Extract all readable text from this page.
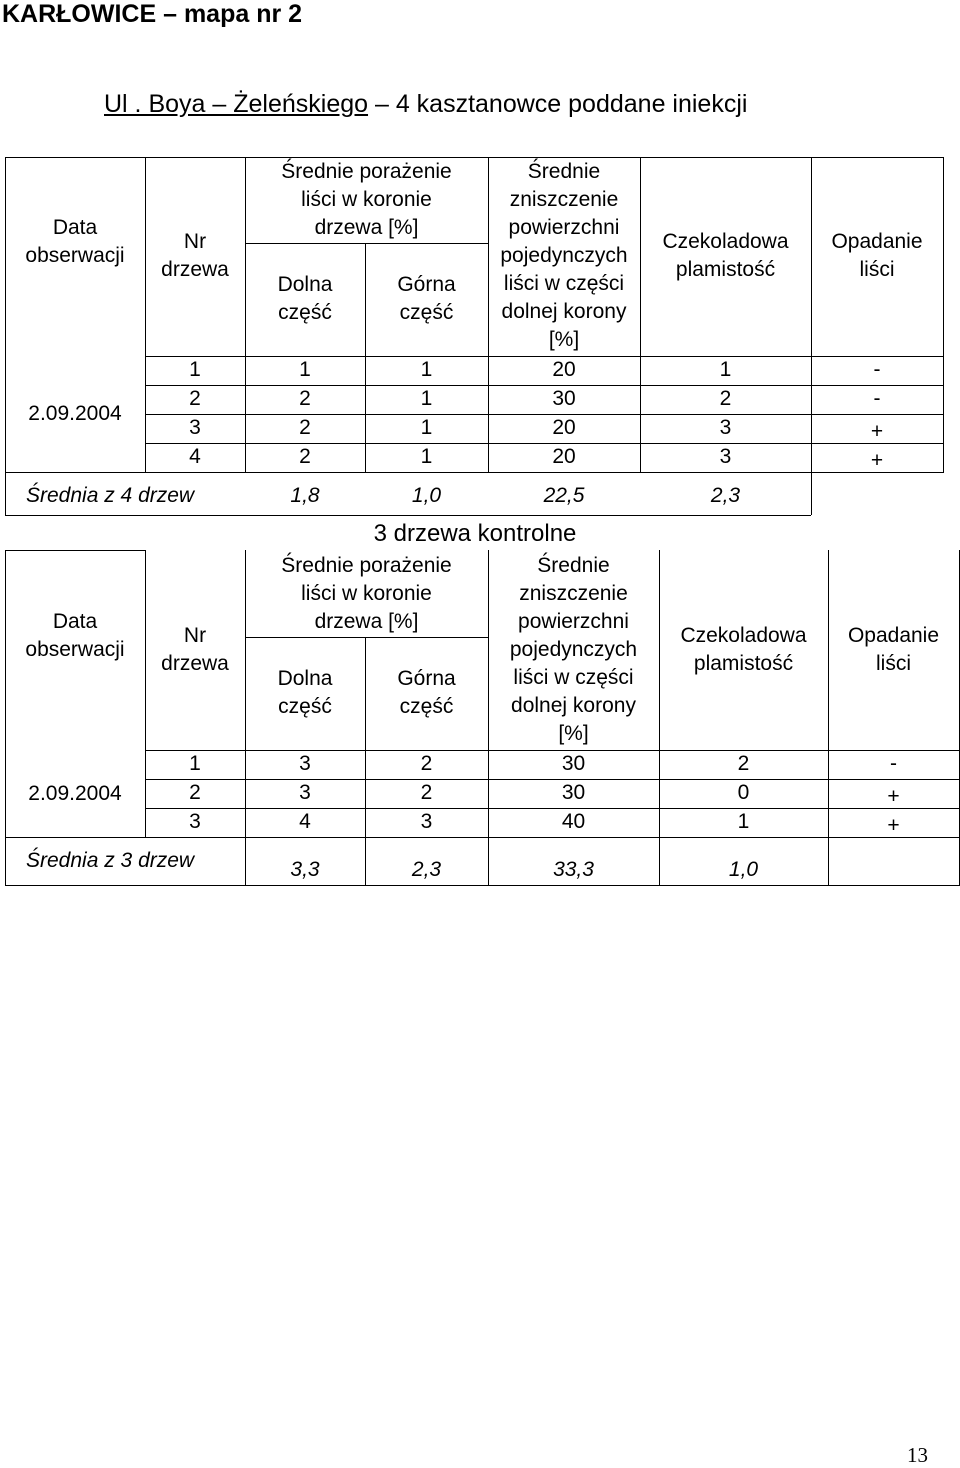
KARŁOWICE – mapa nr 2
Ul . Boya – Żeleńskiego – 4 kasztanowce poddane iniekcji
Data
obserwacji
Nr
drzewa
Średnie porażenie
liści w koronie
drzewa [%]
Dolna
część
Górna
część
Średnie
zniszczenie
powierzchni
pojedynczych
liści w części
dolnej korony
[%]
Czekoladowa
plamistość
Opadanie
liści
2.09.2004
1	1	1	20	1	-
2	2	1	30	2	-
3	2	1	20	3	+
4	2	1	20	3	+
Średnia z 4 drzew	1,8	1,0	22,5	2,3
3 drzewa kontrolne
Data
obserwacji
Nr
drzewa
Średnie porażenie
liści w koronie
drzewa [%]
Dolna
część
Górna
część
Średnie
zniszczenie
powierzchni
pojedynczych
liści w części
dolnej korony
[%]
Czekoladowa
plamistość
Opadanie
liści
2.09.2004
1	3	2	30	2	-
2	3	2	30	0	+
3	4	3	40	1	+
Średnia z 3 drzew	3,3	2,3	33,3	1,0
13
